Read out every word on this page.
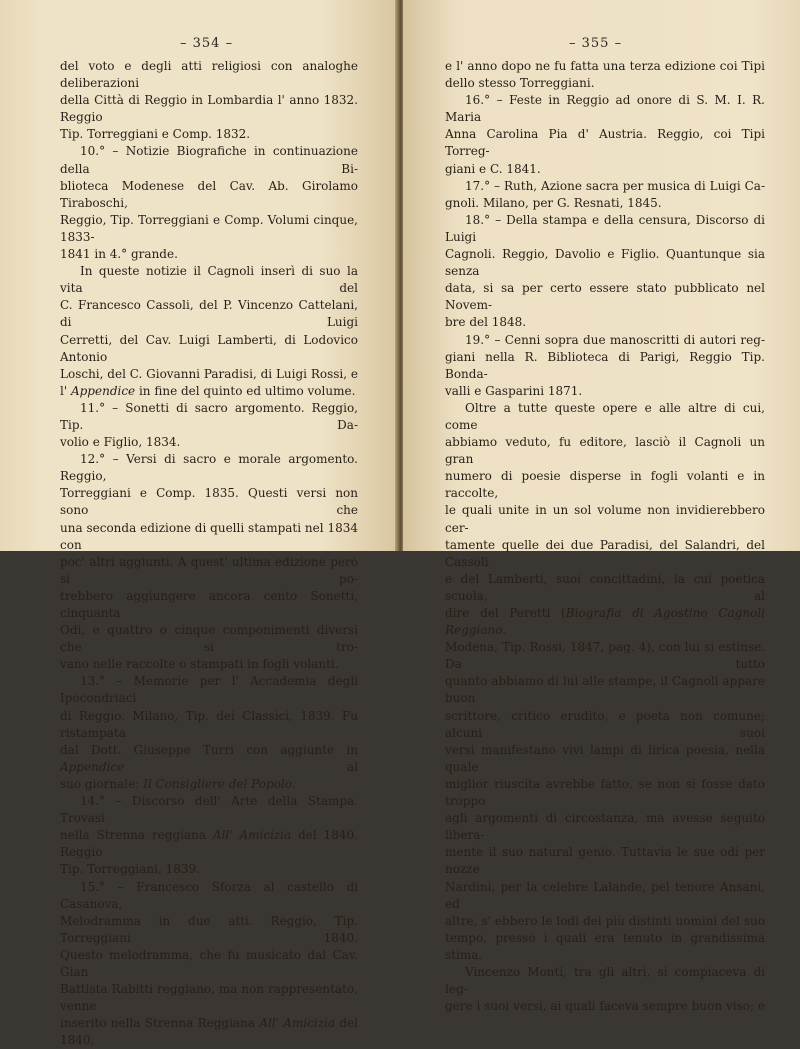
– 354 –

del voto e degli atti religiosi con analoghe deliberazioni

della Città di Reggio in Lombardia l' anno 1832. Reggio

Tip. Torreggiani e Comp. 1832.

10.° – Notizie Biografiche in continuazione della Bi-

blioteca Modenese del Cav. Ab. Girolamo Tiraboschi,

Reggio, Tip. Torreggiani e Comp. Volumi cinque, 1833-

1841 in 4.° grande.

In queste notizie il Cagnoli inserì di suo la vita del

C. Francesco Cassoli, del P. Vincenzo Cattelani, di Luigi

Cerretti, del Cav. Luigi Lamberti, di Lodovico Antonio

Loschi, del C. Giovanni Paradisi, di Luigi Rossi, e

l' Appendice in fine del quinto ed ultimo volume.

11.° – Sonetti di sacro argomento. Reggio, Tip. Da-

volio e Figlio, 1834.

12.° – Versi di sacro e morale argomento. Reggio,

Torreggiani e Comp. 1835. Questi versi non sono che

una seconda edizione di quelli stampati nel 1834 con

poc' altri aggiunti. A quest' ultima edizione però si po-

trebbero aggiungere ancora cento Sonetti, cinquanta

Odi, e quattro o cinque componimenti diversi che si tro-

vano nelle raccolte o stampati in fogli volanti.

13.° – Memorie per l' Accademia degli Ipocondriaci

di Reggio. Milano, Tip. dei Classici, 1839. Fu ristampata

dal Dott. Giuseppe Turri con aggiunte in Appendice al

suo giornale: Il Consigliere del Popolo.

14.° – Discorso dell' Arte della Stampa. Trovasi

nella Strenna reggiana All' Amicizia del 1840. Reggio

Tip. Torreggiani, 1839.

15.° – Francesco Sforza al castello di Casanova,

Melodramma in due atti. Reggio, Tip. Torreggiani 1840.

Questo melodramma, che fu musicato dal Cav. Gian

Battista Rabitti reggiano, ma non rappresentato, venne

inserito nella Strenna Reggiana All' Amicizia del 1840,

– 355 –

e l' anno dopo ne fu fatta una terza edizione coi Tipi

dello stesso Torreggiani.

16.° – Feste in Reggio ad onore di S. M. I. R. Maria

Anna Carolina Pia d' Austria. Reggio, coi Tipi Torreg-

giani e C. 1841.

17.° – Ruth, Azione sacra per musica di Luigi Ca-

gnoli. Milano, per G. Resnati, 1845.

18.° – Della stampa e della censura, Discorso di Luigi

Cagnoli. Reggio, Davolio e Figlio. Quantunque sia senza

data, si sa per certo essere stato pubblicato nel Novem-

bre del 1848.

19.° – Cenni sopra due manoscritti di autori reg-

giani nella R. Biblioteca di Parigi, Reggio Tip. Bonda-

valli e Gasparini 1871.

Oltre a tutte queste opere e alle altre di cui, come

abbiamo veduto, fu editore, lasciò il Cagnoli un gran

numero di poesie disperse in fogli volanti e in raccolte,

le quali unite in un sol volume non invidierebbero cer-

tamente quelle dei due Paradisi, del Salandri, del Cassoli

e del Lamberti, suoi concittadini, la cui poetica scuola, al

dire del Peretti (Biografia di Agostino Cagnoli Reggiano.

Modena, Tip. Rossi, 1847, pag. 4), con lui si estinse. Da tutto

quanto abbiamo di lui alle stampe, il Cagnoli appare buon

scrittore, critico erudito, e poeta non comune; alcuni suoi

versi manifestano vivi lampi di lirica poesia, nella quale

miglior riuscita avrebbe fatto, se non si fosse dato troppo

agli argomenti di circostanza, ma avesse seguito libera-

mente il suo natural genio. Tuttavia le sue odi per nozze

Nardini, per la celebre Lalande, pel tenore Ansani, ed

altre, s' ebbero le lodi dei più distinti uomini del suo

tempo, presso i quali era tenuto in grandissima stima.

Vincenzo Monti, tra gli altri, si compiaceva di leg-

gere i suoi versi, ai quali faceva sempre buon viso; e
